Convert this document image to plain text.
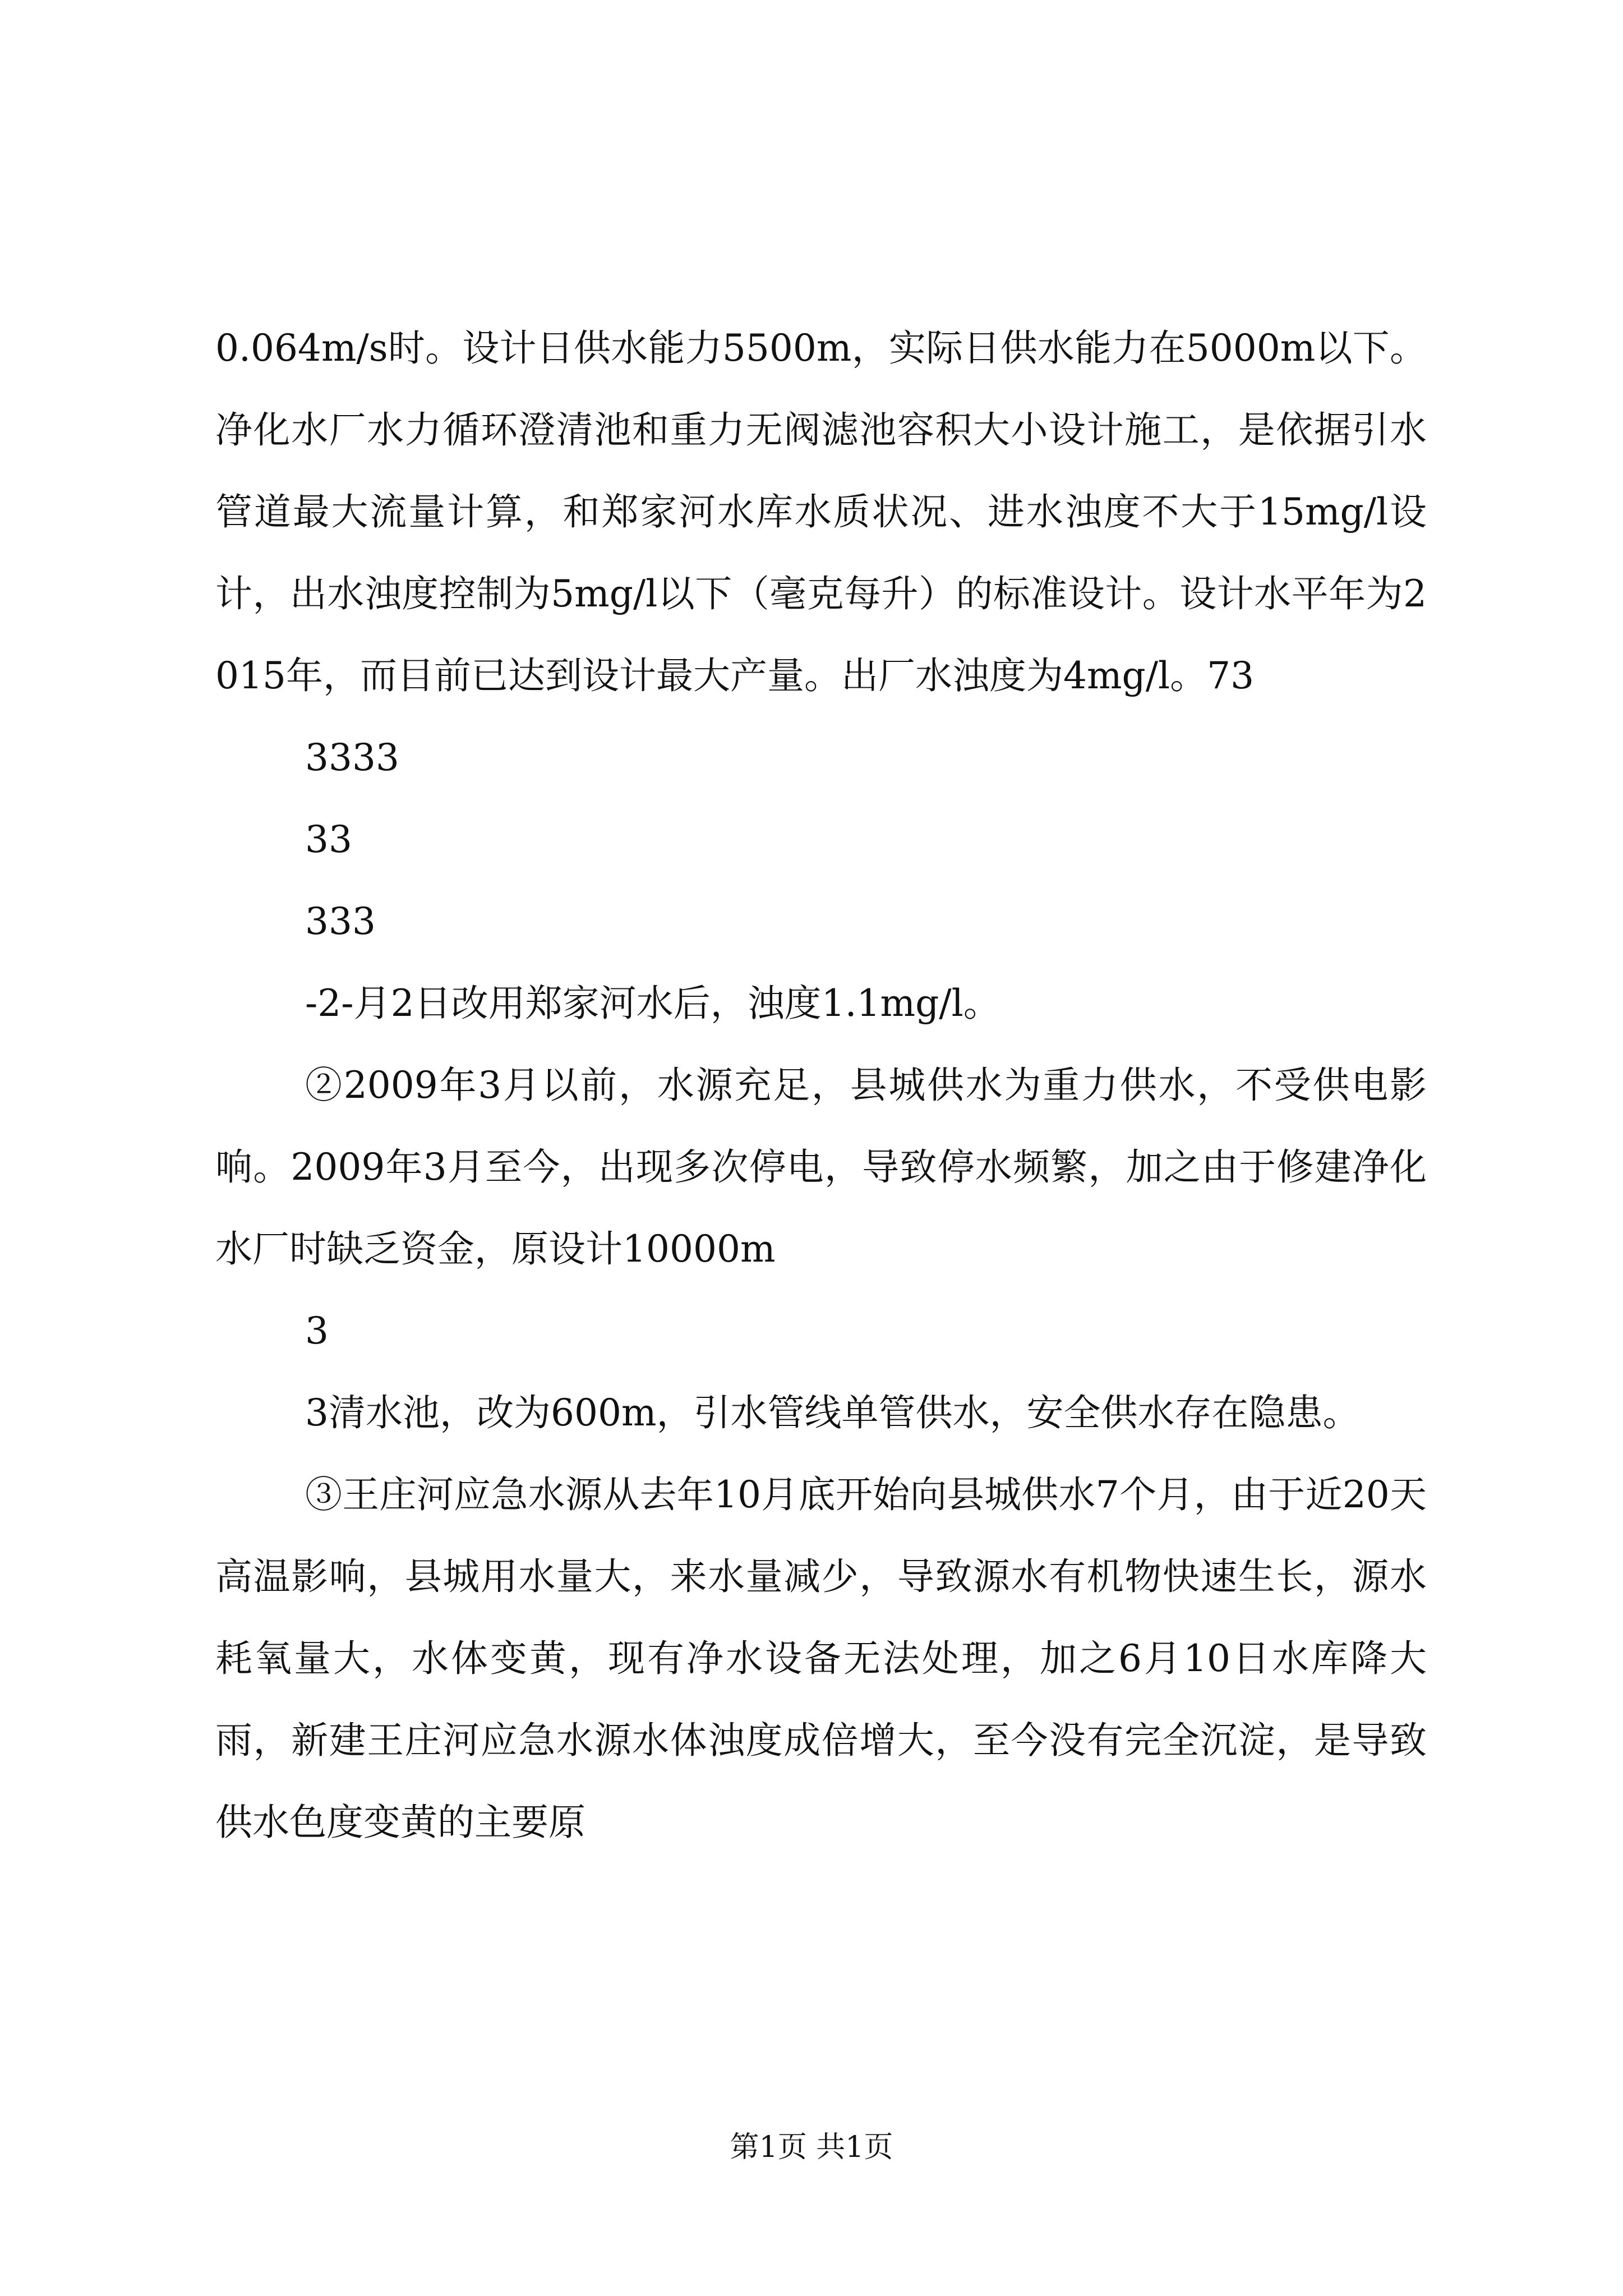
0.064m/s时。设计日供水能力5500m，实际日供水能力在5000m以下。净化水厂水力循环澄清池和重力无阀滤池容积大小设计施工，是依据引水管道最大流量计算，和郑家河水库水质状况、进水浊度不大于15mg/l设计，出水浊度控制为5mg/l以下（毫克每升）的标准设计。设计水平年为2015年，而目前已达到设计最大产量。出厂水浊度为4mg/l。73

3333

33

333

-2-月2日改用郑家河水后，浊度1.1mg/l。

②2009年3月以前，水源充足，县城供水为重力供水，不受供电影响。2009年3月至今，出现多次停电，导致停水频繁，加之由于修建净化水厂时缺乏资金，原设计10000m

3

3清水池，改为600m，引水管线单管供水，安全供水存在隐患。

③王庄河应急水源从去年10月底开始向县城供水7个月，由于近20天高温影响，县城用水量大，来水量减少，导致源水有机物快速生长，源水耗氧量大，水体变黄，现有净水设备无法处理，加之6月10日水库降大雨，新建王庄河应急水源水体浊度成倍增大，至今没有完全沉淀，是导致供水色度变黄的主要原

第1页 共1页
